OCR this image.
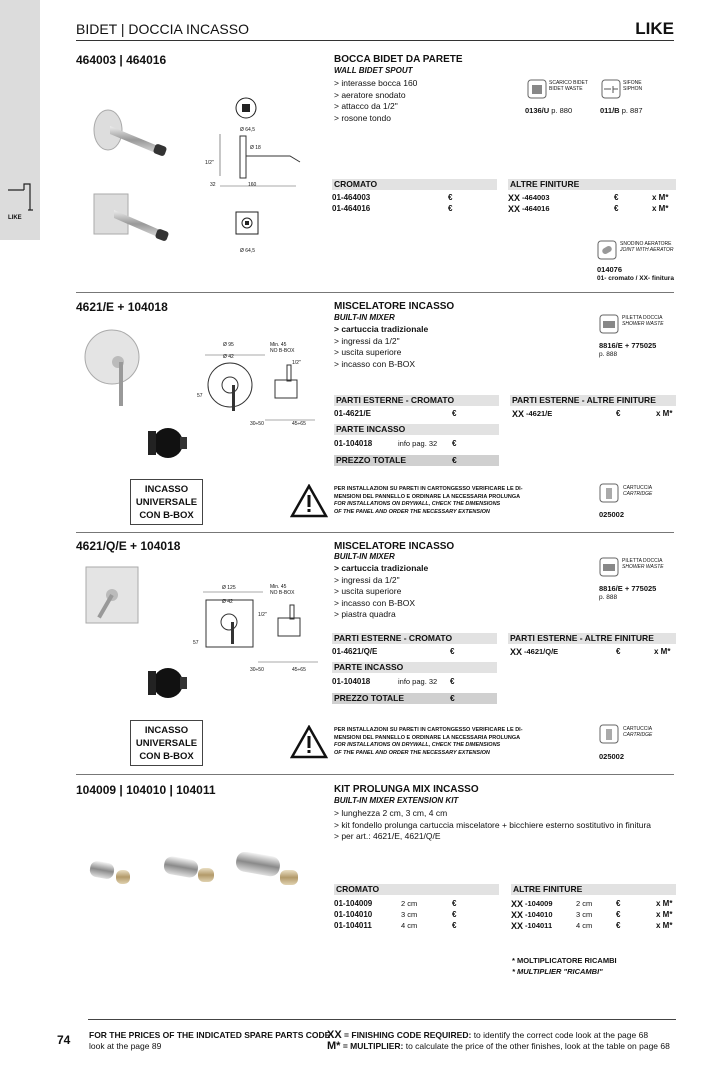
LIKE
BIDET | DOCCIA INCASSO	LIKE
464003 | 464016	BOCCA BIDET DA PARETE
WALL BIDET SPOUT
> interasse bocca 160
> aeratore snodato
> attacco da 1/2"
> rosone tondo
Ø 64,5
Ø 18
160
32
1/2"
Ø 64,5
SCARICO BIDET
BIDET WASTE
0136/U p. 880
SIFONE
SIPHON
011/B p. 887
CROMATO	ALTRE FINITURE
01-464003	€	XX -464003	€	x M*
01-464016	€	XX -464016	€	x M*
SNODINO AERATORE
JOINT WITH AERATOR
014076
01- cromato / XX- finitura
4621/E + 104018	MISCELATORE INCASSO
BUILT-IN MIXER
> cartuccia tradizionale
> ingressi da 1/2"
> uscita superiore
> incasso con B-BOX
Ø 95
Ø 42
Min. 45
NO B-BOX
1/2"
57
30÷50	45÷65
PILETTA DOCCIA
SHOWER WASTE
8816/E + 775025
p. 888
PARTI ESTERNE - CROMATO	PARTI ESTERNE - ALTRE FINITURE
01-4621/E	€	XX -4621/E	€	x M*
PARTE INCASSO
01-104018	info pag. 32 €
PREZZO TOTALE	€
INCASSO
UNIVERSALE
CON B-BOX
PER INSTALLAZIONI SU PARETI IN CARTONGESSO VERIFICARE LE DI-
MENSIONI DEL PANNELLO E ORDINARE LA NECESSARIA PROLUNGA
FOR INSTALLATIONS ON DRYWALL, CHECK THE DIMENSIONS
OF THE PANEL AND ORDER THE NECESSARY EXTENSION
CARTUCCIA
CARTRIDGE
025002
4621/Q/E + 104018	MISCELATORE INCASSO
BUILT-IN MIXER
> cartuccia tradizionale
> ingressi da 1/2"
> uscita superiore
> incasso con B-BOX
> piastra quadra
Ø 125
Ø 42
Min. 45
NO B-BOX
1/2"
57
30÷50	45÷65
PILETTA DOCCIA
SHOWER WASTE
8816/E + 775025
p. 888
PARTI ESTERNE - CROMATO	PARTI ESTERNE - ALTRE FINITURE
01-4621/Q/E	€	XX -4621/Q/E	€	x M*
PARTE INCASSO
01-104018	info pag. 32 €
PREZZO TOTALE	€
INCASSO
UNIVERSALE
CON B-BOX
PER INSTALLAZIONI SU PARETI IN CARTONGESSO VERIFICARE LE DI-
MENSIONI DEL PANNELLO E ORDINARE LA NECESSARIA PROLUNGA
FOR INSTALLATIONS ON DRYWALL, CHECK THE DIMENSIONS
OF THE PANEL AND ORDER THE NECESSARY EXTENSION
CARTUCCIA
CARTRIDGE
025002
104009 | 104010 | 104011	KIT PROLUNGA MIX INCASSO
BUILT-IN MIXER EXTENSION KIT
> lunghezza 2 cm, 3 cm, 4 cm
> kit fondello prolunga cartuccia miscelatore + bicchiere esterno sostitutivo in finitura
> per art.: 4621/E, 4621/Q/E
CROMATO	ALTRE FINITURE
01-104009	2 cm	€	XX -104009	2 cm	€	x M*
01-104010	3 cm	€	XX -104010	3 cm	€	x M*
01-104011	4 cm	€	XX -104011	4 cm	€	x M*
* MOLTIPLICATORE RICAMBI
* MULTIPLIER "RICAMBI"
74 FOR THE PRICES OF THE INDICATED SPARE PARTS CODE
look at the page 89
XX = FINISHING CODE REQUIRED: to identify the correct code look at the page 68
M* = MULTIPLIER: to calculate the price of the other finishes, look at the table on page 68
